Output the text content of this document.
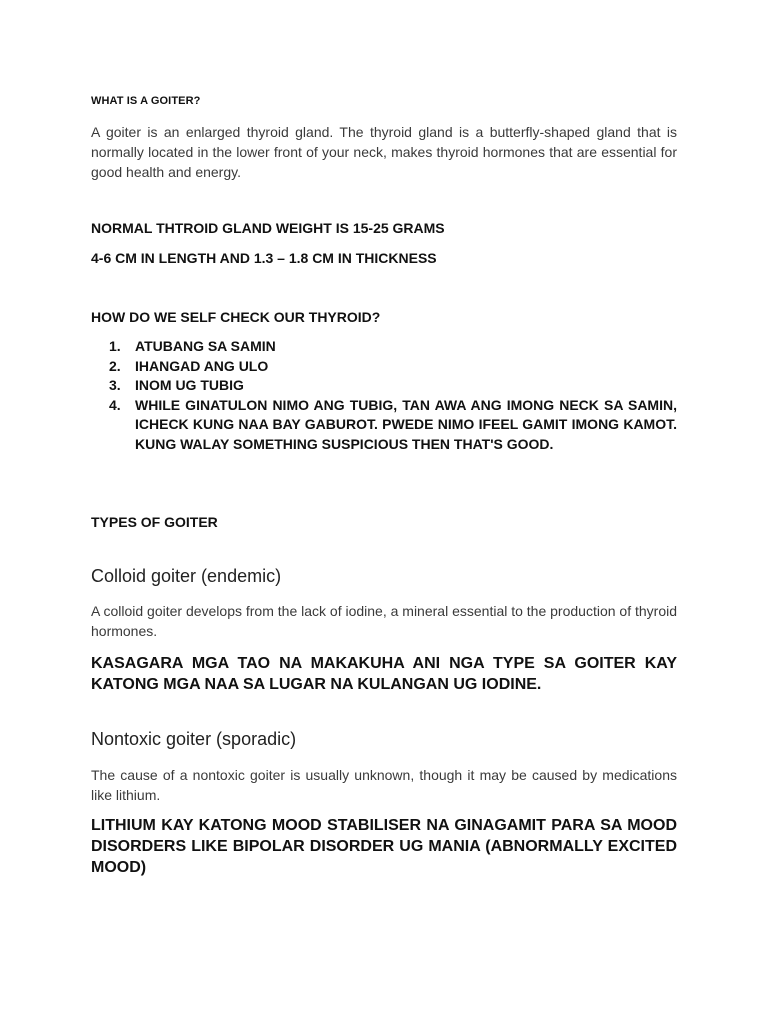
WHAT IS A GOITER?

A goiter is an enlarged thyroid gland. The thyroid gland is a butterfly-shaped gland that is normally located in the lower front of your neck, makes thyroid hormones that are essential for good health and energy.

NORMAL THTROID GLAND WEIGHT IS 15-25 GRAMS

4-6 CM IN LENGTH AND 1.3 – 1.8 CM IN THICKNESS

HOW DO WE SELF CHECK OUR THYROID?

1.	ATUBANG SA SAMIN
2.	IHANGAD ANG ULO
3.	INOM UG TUBIG
4.	WHILE GINATULON NIMO ANG TUBIG, TAN AWA ANG IMONG NECK SA SAMIN, ICHECK KUNG NAA BAY GABUROT. PWEDE NIMO IFEEL GAMIT IMONG KAMOT. KUNG WALAY SOMETHING SUSPICIOUS THEN THAT'S GOOD.

TYPES OF GOITER

Colloid goiter (endemic)

A colloid goiter develops from the lack of iodine, a mineral essential to the production of thyroid hormones.

KASAGARA MGA TAO NA MAKAKUHA ANI NGA TYPE SA GOITER KAY KATONG MGA NAA SA LUGAR NA KULANGAN UG IODINE.

Nontoxic goiter (sporadic)

The cause of a nontoxic goiter is usually unknown, though it may be caused by medications like lithium.

LITHIUM KAY KATONG MOOD STABILISER NA GINAGAMIT PARA SA MOOD DISORDERS LIKE BIPOLAR DISORDER UG MANIA (ABNORMALLY EXCITED MOOD)
